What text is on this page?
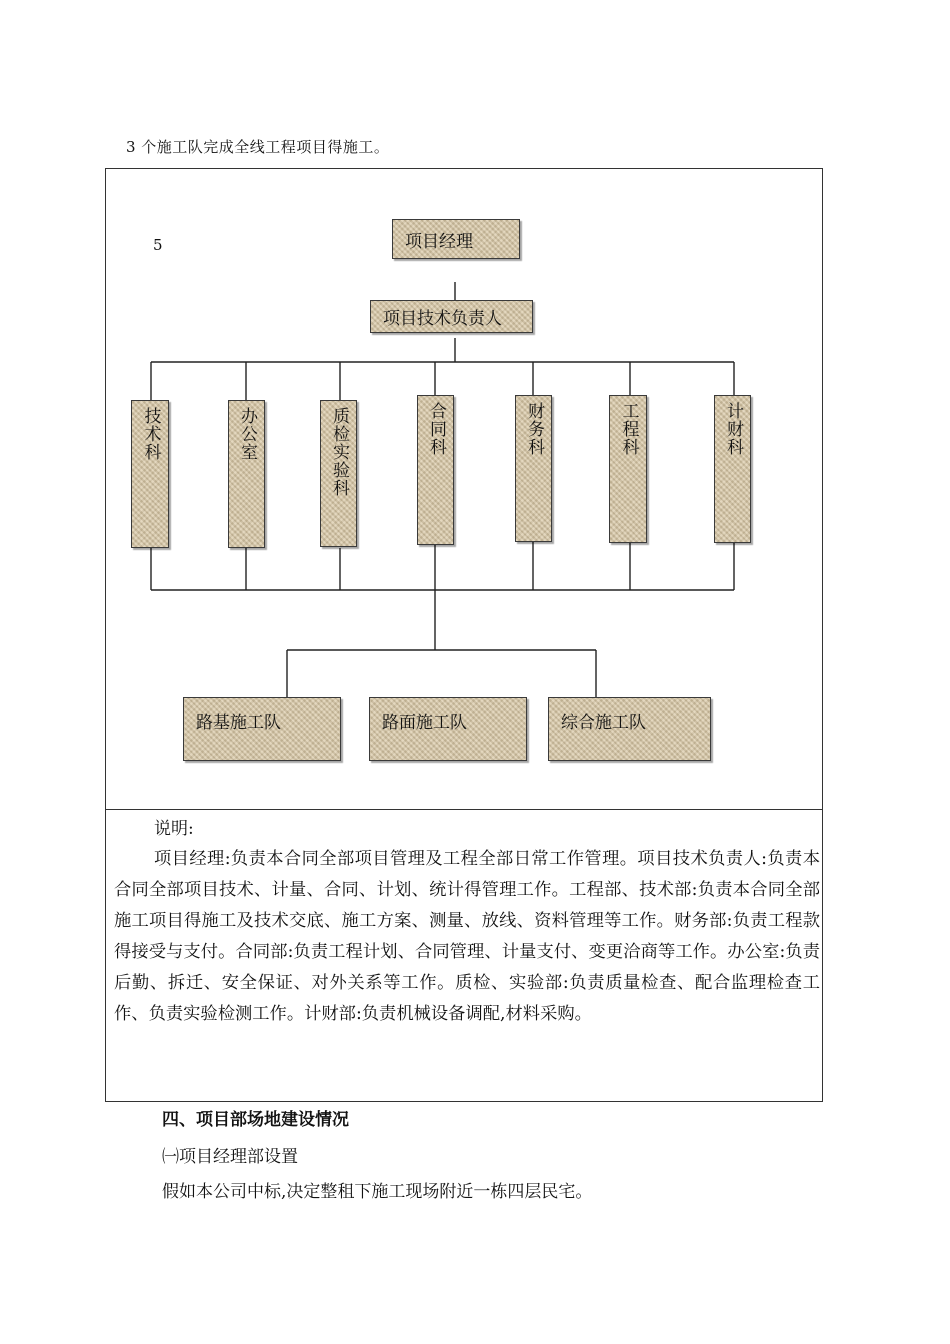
3 个施工队完成全线工程项目得施工。
5	项目经理
项目技术负责人
技术科	办公室	质检实验科	合同科	财务科	工程科	计财科
路基施工队	路面施工队	综合施工队
说明:
项目经理:负责本合同全部项目管理及工程全部日常工作管理。项目技术负责人:负责本合同全部项目技术、计量、合同、计划、统计得管理工作。工程部、技术部:负责本合同全部施工项目得施工及技术交底、施工方案、测量、放线、资料管理等工作。财务部:负责工程款得接受与支付。合同部:负责工程计划、合同管理、计量支付、变更洽商等工作。办公室:负责后勤、拆迁、安全保证、对外关系等工作。质检、实验部:负责质量检查、配合监理检查工作、负责实验检测工作。计财部:负责机械设备调配,材料采购。
四、项目部场地建设情况
㈠项目经理部设置
假如本公司中标,决定整租下施工现场附近一栋四层民宅。
